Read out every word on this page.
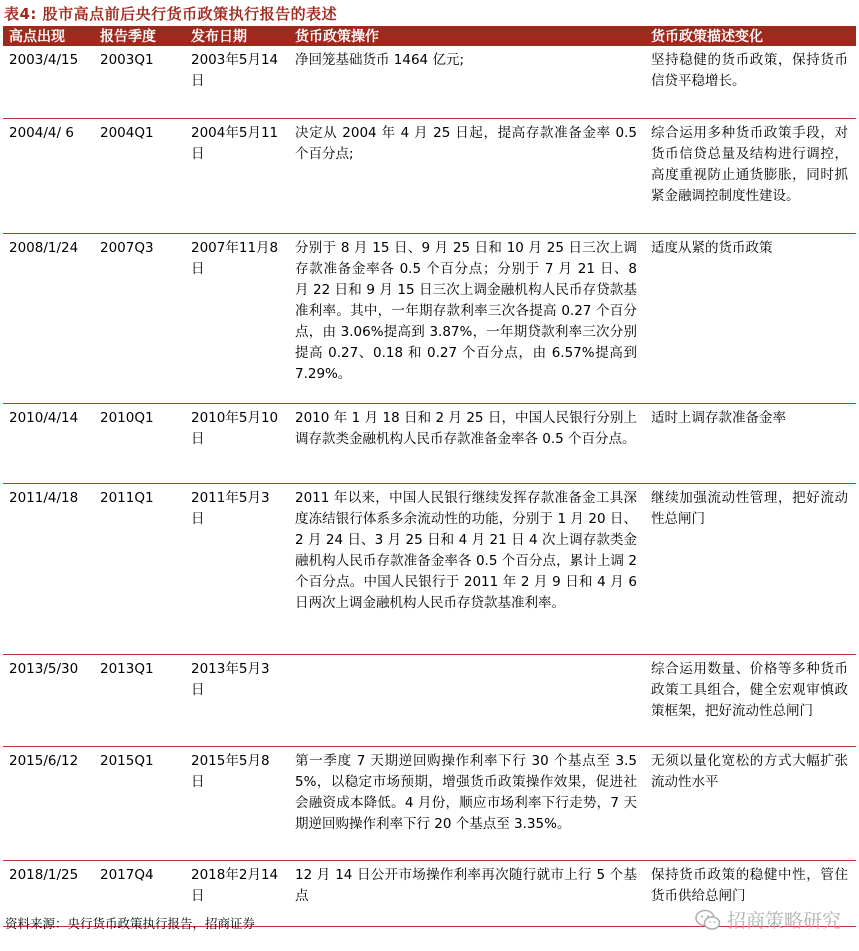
表4: 股市高点前后央行货币政策执行报告的表述
高点出现	报告季度	发布日期	货币政策操作	货币政策描述变化
2003/4/15	2003Q1	2003年5月14日	净回笼基础货币 1464 亿元;	坚持稳健的货币政策，保持货币信贷平稳增长。
2004/4/ 6	2004Q1	2004年5月11日	决定从 2004 年 4 月 25 日起，提高存款准备金率 0.5 个百分点;	综合运用多种货币政策手段，对货币信贷总量及结构进行调控，高度重视防止通货膨胀，同时抓紧金融调控制度性建设。
2008/1/24	2007Q3	2007年11月8日	分别于 8 月 15 日、9 月 25 日和 10 月 25 日三次上调存款准备金率各 0.5 个百分点；分别于 7 月 21 日、8 月 22 日和 9 月 15 日三次上调金融机构人民币存贷款基准利率。其中，一年期存款利率三次各提高 0.27 个百分点，由 3.06%提高到 3.87%，一年期贷款利率三次分别提高 0.27、0.18 和 0.27 个百分点，由 6.57%提高到 7.29%。	适度从紧的货币政策
2010/4/14	2010Q1	2010年5月10日	2010 年 1 月 18 日和 2 月 25 日，中国人民银行分别上调存款类金融机构人民币存款准备金率各 0.5 个百分点。	适时上调存款准备金率
2011/4/18	2011Q1	2011年5月3日	2011 年以来，中国人民银行继续发挥存款准备金工具深度冻结银行体系多余流动性的功能，分别于 1 月 20 日、2 月 24 日、3 月 25 日和 4 月 21 日 4 次上调存款类金融机构人民币存款准备金率各 0.5 个百分点，累计上调 2 个百分点。中国人民银行于 2011 年 2 月 9 日和 4 月 6 日两次上调金融机构人民币存贷款基准利率。	继续加强流动性管理，把好流动性总闸门
2013/5/30	2013Q1	2013年5月3日		综合运用数量、价格等多种货币政策工具组合，健全宏观审慎政策框架，把好流动性总闸门
2015/6/12	2015Q1	2015年5月8日	第一季度 7 天期逆回购操作利率下行 30 个基点至 3.55%，以稳定市场预期，增强货币政策操作效果，促进社会融资成本降低。4 月份，顺应市场利率下行走势，7 天期逆回购操作利率下行 20 个基点至 3.35%。	无须以量化宽松的方式大幅扩张流动性水平
2018/1/25	2017Q4	2018年2月14日	12 月 14 日公开市场操作利率再次随行就市上行 5 个基点	保持货币政策的稳健中性，管住货币供给总闸门
资料来源：央行货币政策执行报告，招商证券	招商策略研究
